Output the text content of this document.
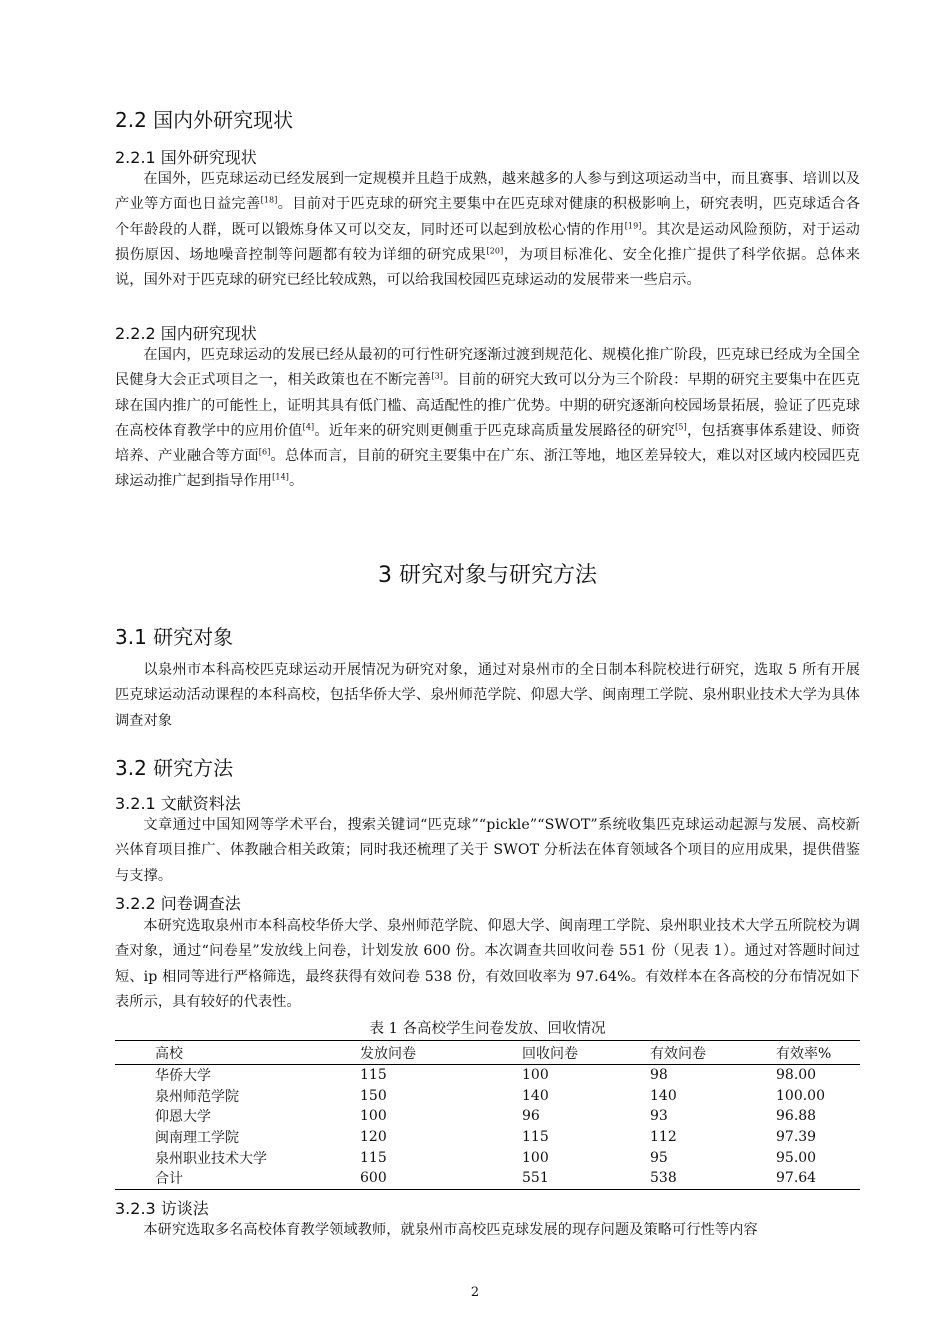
2.2 国内外研究现状
2.2.1 国外研究现状
在国外，匹克球运动已经发展到一定规模并且趋于成熟，越来越多的人参与到这项运动当中，而且赛事、培训以及产业等方面也日益完善[18]。目前对于匹克球的研究主要集中在匹克球对健康的积极影响上，研究表明，匹克球适合各个年龄段的人群，既可以锻炼身体又可以交友，同时还可以起到放松心情的作用[19]。其次是运动风险预防，对于运动损伤原因、场地噪音控制等问题都有较为详细的研究成果[20]，为项目标准化、安全化推广提供了科学依据。总体来说，国外对于匹克球的研究已经比较成熟，可以给我国校园匹克球运动的发展带来一些启示。
2.2.2 国内研究现状
在国内，匹克球运动的发展已经从最初的可行性研究逐渐过渡到规范化、规模化推广阶段，匹克球已经成为全国全民健身大会正式项目之一，相关政策也在不断完善[3]。目前的研究大致可以分为三个阶段：早期的研究主要集中在匹克球在国内推广的可能性上，证明其具有低门槛、高适配性的推广优势。中期的研究逐渐向校园场景拓展，验证了匹克球在高校体育教学中的应用价值[4]。近年来的研究则更侧重于匹克球高质量发展路径的研究[5]，包括赛事体系建设、师资培养、产业融合等方面[6]。总体而言，目前的研究主要集中在广东、浙江等地，地区差异较大，难以对区域内校园匹克球运动推广起到指导作用[14]。
3 研究对象与研究方法
3.1 研究对象
以泉州市本科高校匹克球运动开展情况为研究对象，通过对泉州市的全日制本科院校进行研究，选取 5 所有开展匹克球运动活动课程的本科高校，包括华侨大学、泉州师范学院、仰恩大学、闽南理工学院、泉州职业技术大学为具体调查对象
3.2 研究方法
3.2.1 文献资料法
文章通过中国知网等学术平台，搜索关键词“匹克球”“pickle”“SWOT”系统收集匹克球运动起源与发展、高校新兴体育项目推广、体教融合相关政策；同时我还梳理了关于 SWOT 分析法在体育领域各个项目的应用成果，提供借鉴与支撑。
3.2.2 问卷调查法
本研究选取泉州市本科高校华侨大学、泉州师范学院、仰恩大学、闽南理工学院、泉州职业技术大学五所院校为调查对象，通过“问卷星”发放线上问卷，计划发放 600 份。本次调查共回收问卷 551 份（见表 1）。通过对答题时间过短、ip 相同等进行严格筛选，最终获得有效问卷 538 份，有效回收率为 97.64%。有效样本在各高校的分布情况如下表所示，具有较好的代表性。
表 1 各高校学生问卷发放、回收情况
高校	发放问卷	回收问卷	有效问卷	有效率%
华侨大学	115	100	98	98.00
泉州师范学院	150	140	140	100.00
仰恩大学	100	96	93	96.88
闽南理工学院	120	115	112	97.39
泉州职业技术大学	115	100	95	95.00
合计	600	551	538	97.64
3.2.3 访谈法
本研究选取多名高校体育教学领域教师，就泉州市高校匹克球发展的现存问题及策略可行性等内容
2
